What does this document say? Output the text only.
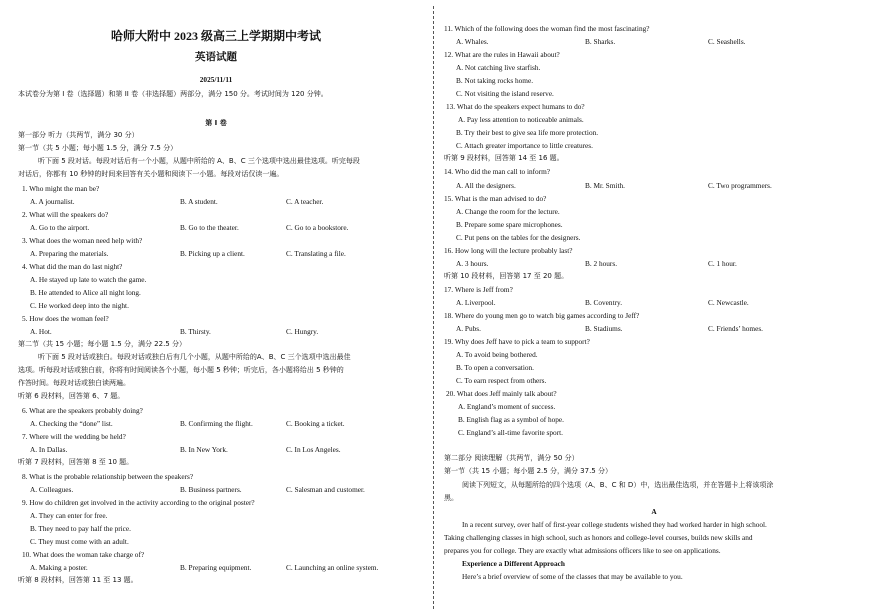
哈师大附中 2023 级高三上学期期中考试
英语试题
2025/11/11
本试卷分为第 I 卷（选择题）和第 II 卷（非选择题）两部分，满分 150 分。考试时间为 120 分钟。
第 I 卷
第一部分 听力（共两节，满分 30 分）
第一节（共 5 小题；每小题 1.5 分，满分 7.5 分）
听下面 5 段对话。每段对话后有一个小题，从题中所给的 A、B、C 三个选项中选出最佳选项。听完每段
对话后，你都有 10 秒钟的时间来回答有关小题和阅读下一小题。每段对话仅读一遍。
1. Who might the man be?
A. A journalist.	B. A student.	C. A teacher.
2. What will the speakers do?
A. Go to the airport.	B. Go to the theater.	C. Go to a bookstore.
3. What does the woman need help with?
A. Preparing the materials.	B. Picking up a client.	C. Translating a file.
4. What did the man do last night?
A. He stayed up late to watch the game.
B. He attended to Alice all night long.
C. He worked deep into the night.
5. How does the woman feel?
A. Hot.	B. Thirsty.	C. Hungry.
第二节（共 15 小题；每小题 1.5 分，满分 22.5 分）
听下面 5 段对话或独白。每段对话或独白后有几个小题，从题中所给的A、B、C 三个选项中选出最佳
选项。听每段对话或独白前，你将有时间阅读各个小题，每小题 5 秒钟；听完后，各小题将给出 5 秒钟的
作答时间。每段对话或独白读两遍。
听第 6 段材料，回答第 6、7 题。
6. What are the speakers probably doing?
A. Checking the “done” list.	B. Confirming the flight.	C. Booking a ticket.
7. Where will the wedding be held?
A. In Dallas.	B. In New York.	C. In Los Angeles.
听第 7 段材料，回答第 8 至 10 题。
8. What is the probable relationship between the speakers?
A. Colleagues.	B. Business partners.	C. Salesman and customer.
9. How do children get involved in the activity according to the original poster?
A. They can enter for free.
B. They need to pay half the price.
C. They must come with an adult.
10. What does the woman take charge of?
A. Making a poster.	B. Preparing equipment.	C. Launching an online system.
听第 8 段材料，回答第 11 至 13 题。
11. Which of the following does the woman find the most fascinating?
A. Whales.	B. Sharks.	C. Seashells.
12. What are the rules in Hawaii about?
A. Not catching live starfish.
B. Not taking rocks home.
C. Not visiting the island reserve.
13. What do the speakers expect humans to do?
A. Pay less attention to noticeable animals.
B. Try their best to give sea life more protection.
C. Attach greater importance to little creatures.
听第 9 段材料，回答第 14 至 16 题。
14. Who did the man call to inform?
A. All the designers.	B. Mr. Smith.	C. Two programmers.
15. What is the man advised to do?
A. Change the room for the lecture.
B. Prepare some spare microphones.
C. Put pens on the tables for the designers.
16. How long will the lecture probably last?
A. 3 hours.	B. 2 hours.	C. 1 hour.
听第 10 段材料，回答第 17 至 20 题。
17. Where is Jeff from?
A. Liverpool.	B. Coventry.	C. Newcastle.
18. Where do young men go to watch big games according to Jeff?
A. Pubs.	B. Stadiums.	C. Friends’ homes.
19. Why does Jeff have to pick a team to support?
A. To avoid being bothered.
B. To open a conversation.
C. To earn respect from others.
20. What does Jeff mainly talk about?
A. England’s moment of success.
B. English flag as a symbol of hope.
C. England’s all-time favorite sport.
第二部分 阅读理解（共两节，满分 50 分）
第一节（共 15 小题；每小题 2.5 分，满分 37.5 分）
阅读下列短文，从每题所给的四个选项（A、B、C 和 D）中，选出最佳选项，并在答题卡上将该项涂
黑。
A
In a recent survey, over half of first-year college students wished they had worked harder in high school.
Taking challenging classes in high school, such as honors and college-level courses, builds new skills and
prepares you for college. They are exactly what admissions officers like to see on applications.
Experience a Different Approach
Here’s a brief overview of some of the classes that may be available to you.
